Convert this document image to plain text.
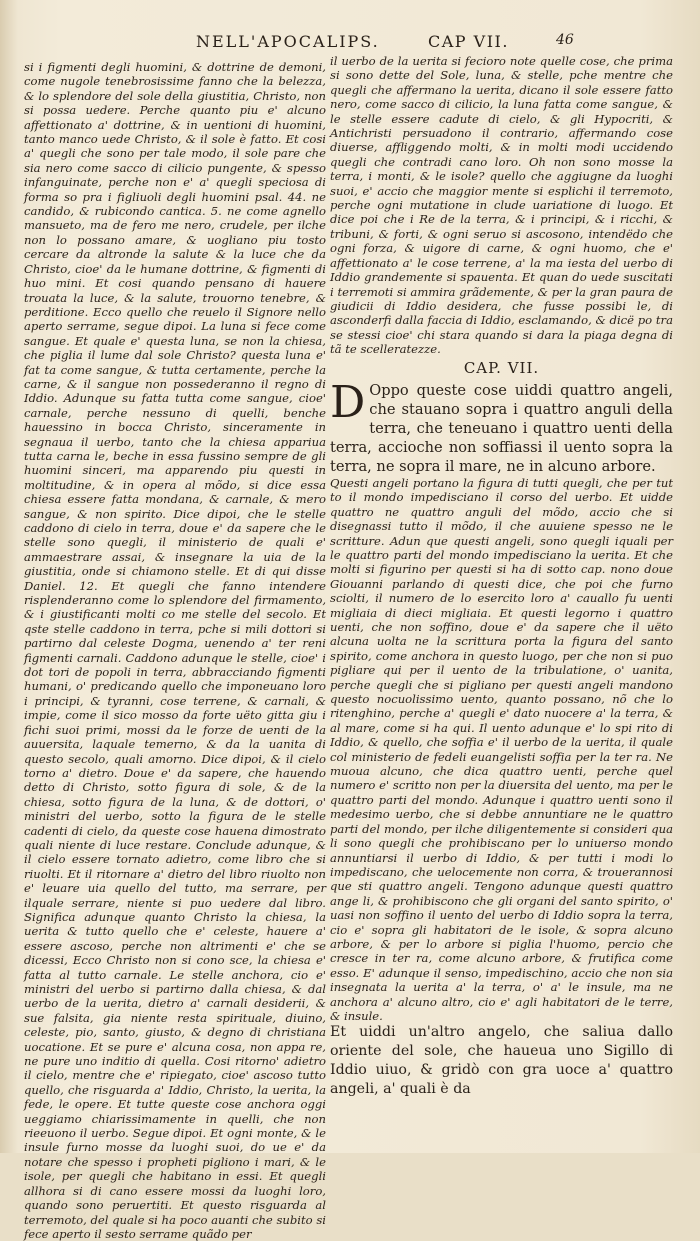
NELL'APOCALIPS.	CAP VII.	46

si i figmenti degli huomini, & dottrine de demoni, come nugole tenebrosissime fanno che la belezza, & lo splendore del sole della giustitia, Christo, non si possa uedere. Perche quanto piu e' alcuno affettionato a' dottrine, & in uentioni di huomini, tanto manco uede Christo, & il sole è fatto. Et cosi a' quegli che sono per tale modo, il sole pare che sia nero come sacco di cilicio pungente, & spesso infanguinate, perche non e' a' quegli speciosa di forma so pra i figliuoli degli huomini psal. 44. ne candido, & rubicondo cantica. 5. ne come agnello mansueto, ma de fero me nero, crudele, per ilche non lo possano amare, & uogliano piu tosto cercare da altronde la salute & la luce che da Christo, cioe' da le humane dottrine, & figmenti di huo mini. Et cosi quando pensano di hauere trouata la luce, & la salute, trouorno tenebre, & perditione. Ecco quello che reuelo il Signore nello aperto serrame, segue dipoi. La luna si fece come sangue. Et quale e' questa luna, se non la chiesa, che piglia il lume dal sole Christo? questa luna e' fat ta come sangue, & tutta certamente, perche la carne, & il sangue non possederanno il regno di Iddio. Adunque su fatta tutta come sangue, cioe' carnale, perche nessuno di quelli, benche hauessino in bocca Christo, sinceramente in segnaua il uerbo, tanto che la chiesa appariua tutta carna le, beche in essa fussino sempre de gli huomini sinceri, ma apparendo piu questi in moltitudine, & in opera al mõdo, si dice essa chiesa essere fatta mondana, & carnale, & mero sangue, & non spirito. Dice dipoi, che le stelle caddono di cielo in terra, doue e' da sapere che le stelle sono quegli, il ministerio de quali e' ammaestrare assai, & insegnare la uia de la giustitia, onde si chiamono stelle. Et di qui disse Daniel. 12. Et quegli che fanno intendere risplenderanno come lo splendore del firmamento, & i giustificanti molti co me stelle del secolo. Et qste stelle caddono in terra, pche si mili dottori si partirno dal celeste Dogma, uenendo a' ter reni figmenti carnali. Caddono adunque le stelle, cioe' i dot tori de popoli in terra, abbracciando figmenti humani, o' predicando quello che imponeuano loro i principi, & tyranni, cose terrene, & carnali, & impie, come il sico mosso da forte uëto gitta giu i fichi suoi primi, mossi da le forze de uenti de la auuersita, laquale temerno, & da la uanita di questo secolo, quali amorno. Dice dipoi, & il cielo torno a' dietro. Doue e' da sapere, che hauendo detto di Christo, sotto figura di sole, & de la chiesa, sotto figura de la luna, & de dottori, o' ministri del uerbo, sotto la figura de le stelle cadenti di cielo, da queste cose hauena dimostrato quali niente di luce restare. Conclude adunque, & il cielo essere tornato adietro, come libro che si riuolti. Et il ritornare a' dietro del libro riuolto non e' leuare uia quello del tutto, ma serrare, per ilquale serrare, niente si puo uedere dal libro. Significa adunque quanto Christo la chiesa, la uerita & tutto quello che e' celeste, hauere a' essere ascoso, perche non altrimenti e' che se dicessi, Ecco Christo non si cono sce, la chiesa e' fatta al tutto carnale. Le stelle anchora, cio e' ministri del uerbo si partirno dalla chiesa, & dal uerbo de la uerita, dietro a' carnali desiderii, & sue falsita, gia niente resta spirituale, diuino, celeste, pio, santo, giusto, & degno di christiana uocatione. Et se pure e' alcuna cosa, non appa re, ne pure uno inditio di quella. Cosi ritorno' adietro il cielo, mentre che e' ripiegato, cioe' ascoso tutto quello, che risguarda a' Iddio, Christo, la uerita, la fede, le opere. Et tutte queste cose anchora oggi ueggiamo chiarissimamente in quelli, che non rieeuono il uerbo. Segue dipoi. Et ogni monte, & le insule furno mosse da luoghi suoi, do ue e' da notare che spesso i propheti pigliono i mari, & le isole, per quegli che habitano in essi. Et quegli allhora si di cano essere mossi da luoghi loro, quando sono peruertiti. Et questo risguarda al terremoto, del quale si ha poco auanti che subito si fece aperto il sesto serrame quãdo per

il uerbo de la uerita si fecioro note quelle cose, che prima si sono dette del Sole, luna, & stelle, pche mentre che quegli che affermano la uerita, dicano il sole essere fatto nero, come sacco di cilicio, la luna fatta come sangue, & le stelle essere cadute di cielo, & gli Hypocriti, & Antichristi persuadono il contrario, affermando cose diuerse, affliggendo molti, & in molti modi uccidendo quegli che contradi cano loro. Oh non sono mosse la terra, i monti, & le isole? quello che aggiugne da luoghi suoi, e' accio che maggior mente si esplichi il terremoto, perche ogni mutatione in clude uariatione di luogo. Et dice poi che i Re de la terra, & i principi, & i ricchi, & tribuni, & forti, & ogni seruo si ascosono, intendëdo che ogni forza, & uigore di carne, & ogni huomo, che e' affettionato a' le cose terrene, a' la ma iesta del uerbo di Iddio grandemente si spauenta. Et quan do uede suscitati i terremoti si ammira grãdemente, & per la gran paura de giudicii di Iddio desidera, che fusse possibi le, di asconderfi dalla faccia di Iddio, esclamando, & dicë po tra se stessi cioe' chi stara quando si dara la piaga degna di tã te scelleratezze.

CAP. VII.

D Oppo queste cose uiddi quattro angeli, che stauano sopra i quattro anguli della terra, che teneuano i quattro uenti della terra, accioche non soffiassi il uento sopra la terra, ne sopra il mare, ne in alcuno arbore.

Questi angeli portano la figura di tutti quegli, che per tut to il mondo impedisciano il corso del uerbo. Et uidde quattro ne quattro anguli del mõdo, accio che si disegnassi tutto il mõdo, il che auuiene spesso ne le scritture. Adun que questi angeli, sono quegli iquali per le quattro parti del mondo impedisciano la uerita. Et che molti si figurino per questi si ha di sotto cap. nono doue Giouanni parlando di questi dice, che poi che furno sciolti, il numero de lo esercito loro a' cauallo fu uenti migliaia di dieci migliaia. Et questi legorno i quattro uenti, che non soffino, doue e' da sapere che il uëto alcuna uolta ne la scrittura porta la figura del santo spirito, come anchora in questo luogo, per che non si puo pigliare qui per il uento de la tribulatione, o' uanita, perche quegli che si pigliano per questi angeli mandono questo nocuolissimo uento, quanto possano, nõ che lo ritenghino, perche a' quegli e' dato nuocere a' la terra, & al mare, come si ha qui. Il uento adunque e' lo spi rito di Iddio, & quello, che soffia e' il uerbo de la uerita, il quale col ministerio de fedeli euangelisti soffia per la ter ra. Ne muoua alcuno, che dica quattro uenti, perche quel numero e' scritto non per la diuersita del uento, ma per le quattro parti del mondo. Adunque i quattro uenti sono il medesimo uerbo, che si debbe annuntiare ne le quattro parti del mondo, per ilche diligentemente si consideri qua li sono quegli che prohibiscano per lo uniuerso mondo annuntiarsi il uerbo di Iddio, & per tutti i modi lo impediscano, che uelocemente non corra, & trouerannosi que sti quattro angeli. Tengono adunque questi quattro ange li, & prohibiscono che gli organi del santo spirito, o' uasi non soffino il uento del uerbo di Iddio sopra la terra, cio e' sopra gli habitatori de le isole, & sopra alcuno arbore, & per lo arbore si piglia l'huomo, percio che cresce in ter ra, come alcuno arbore, & frutifica come esso. E' adunque il senso, impedischino, accio che non sia insegnata la uerita a' la terra, o' a' le insule, ma ne anchora a' alcuno altro, cio e' agli habitatori de le terre, & insule.

Et uiddi un'altro angelo, che saliua dallo oriente del sole, che haueua uno Sigillo di Iddio uiuo, & gridò con gra uoce a' quattro angeli, a' quali è da
